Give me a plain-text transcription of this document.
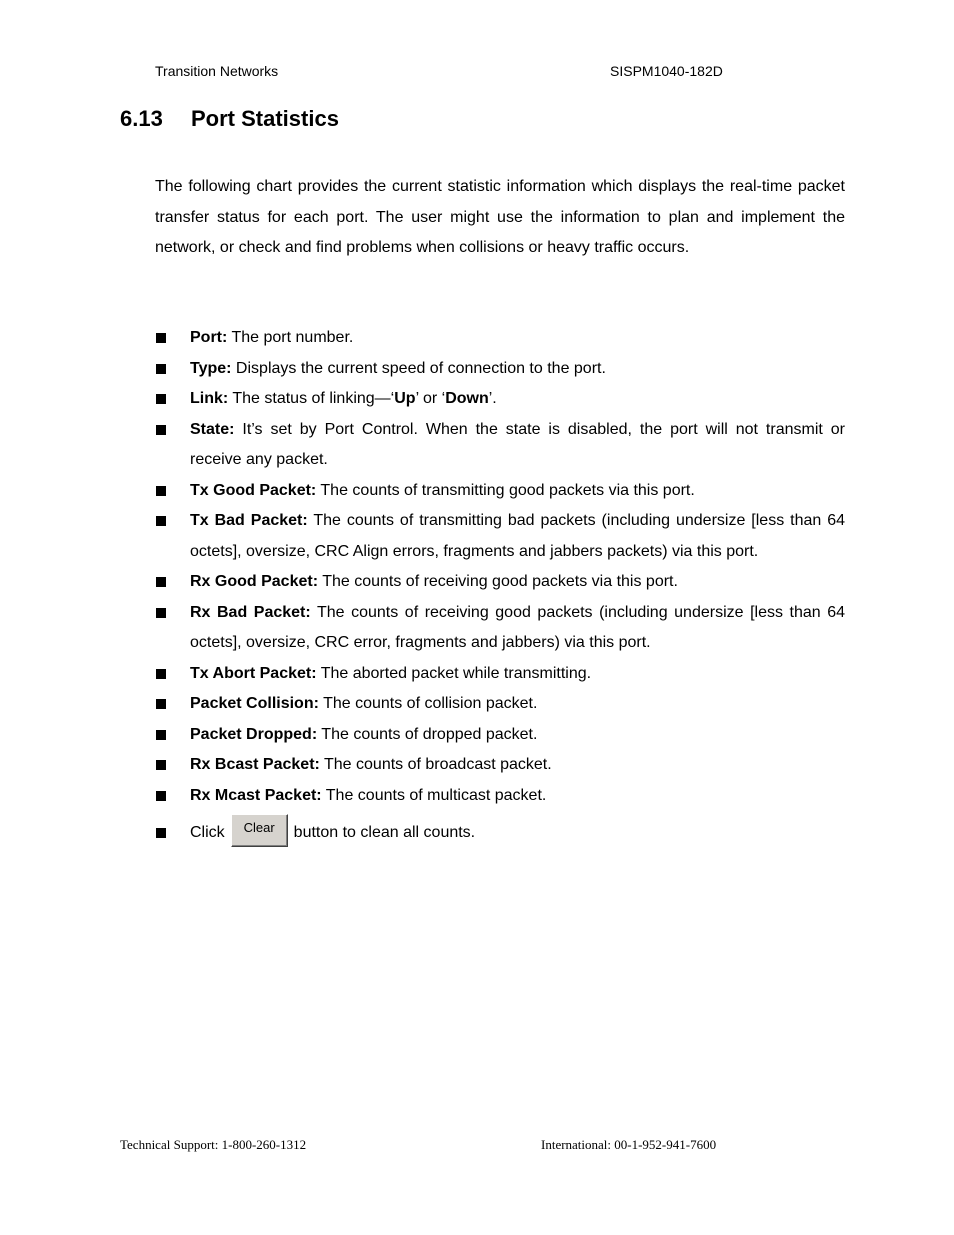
Transition Networks	SISPM1040-182D
6.13 Port Statistics

The following chart provides the current statistic information which displays the real-time packet transfer status for each port. The user might use the information to plan and implement the network, or check and find problems when collisions or heavy traffic occurs.

Port: The port number.
Type: Displays the current speed of connection to the port.
Link: The status of linking—‘Up’ or ‘Down’.
State: It’s set by Port Control. When the state is disabled, the port will not transmit or receive any packet.
Tx Good Packet: The counts of transmitting good packets via this port.
Tx Bad Packet: The counts of transmitting bad packets (including undersize [less than 64 octets], oversize, CRC Align errors, fragments and jabbers packets) via this port.
Rx Good Packet: The counts of receiving good packets via this port.
Rx Bad Packet: The counts of receiving good packets (including undersize [less than 64 octets], oversize, CRC error, fragments and jabbers) via this port.
Tx Abort Packet: The aborted packet while transmitting.
Packet Collision: The counts of collision packet.
Packet Dropped: The counts of dropped packet.
Rx Bcast Packet: The counts of broadcast packet.
Rx Mcast Packet: The counts of multicast packet.
Click Clear button to clean all counts.
Technical Support: 1-800-260-1312	International: 00-1-952-941-7600
